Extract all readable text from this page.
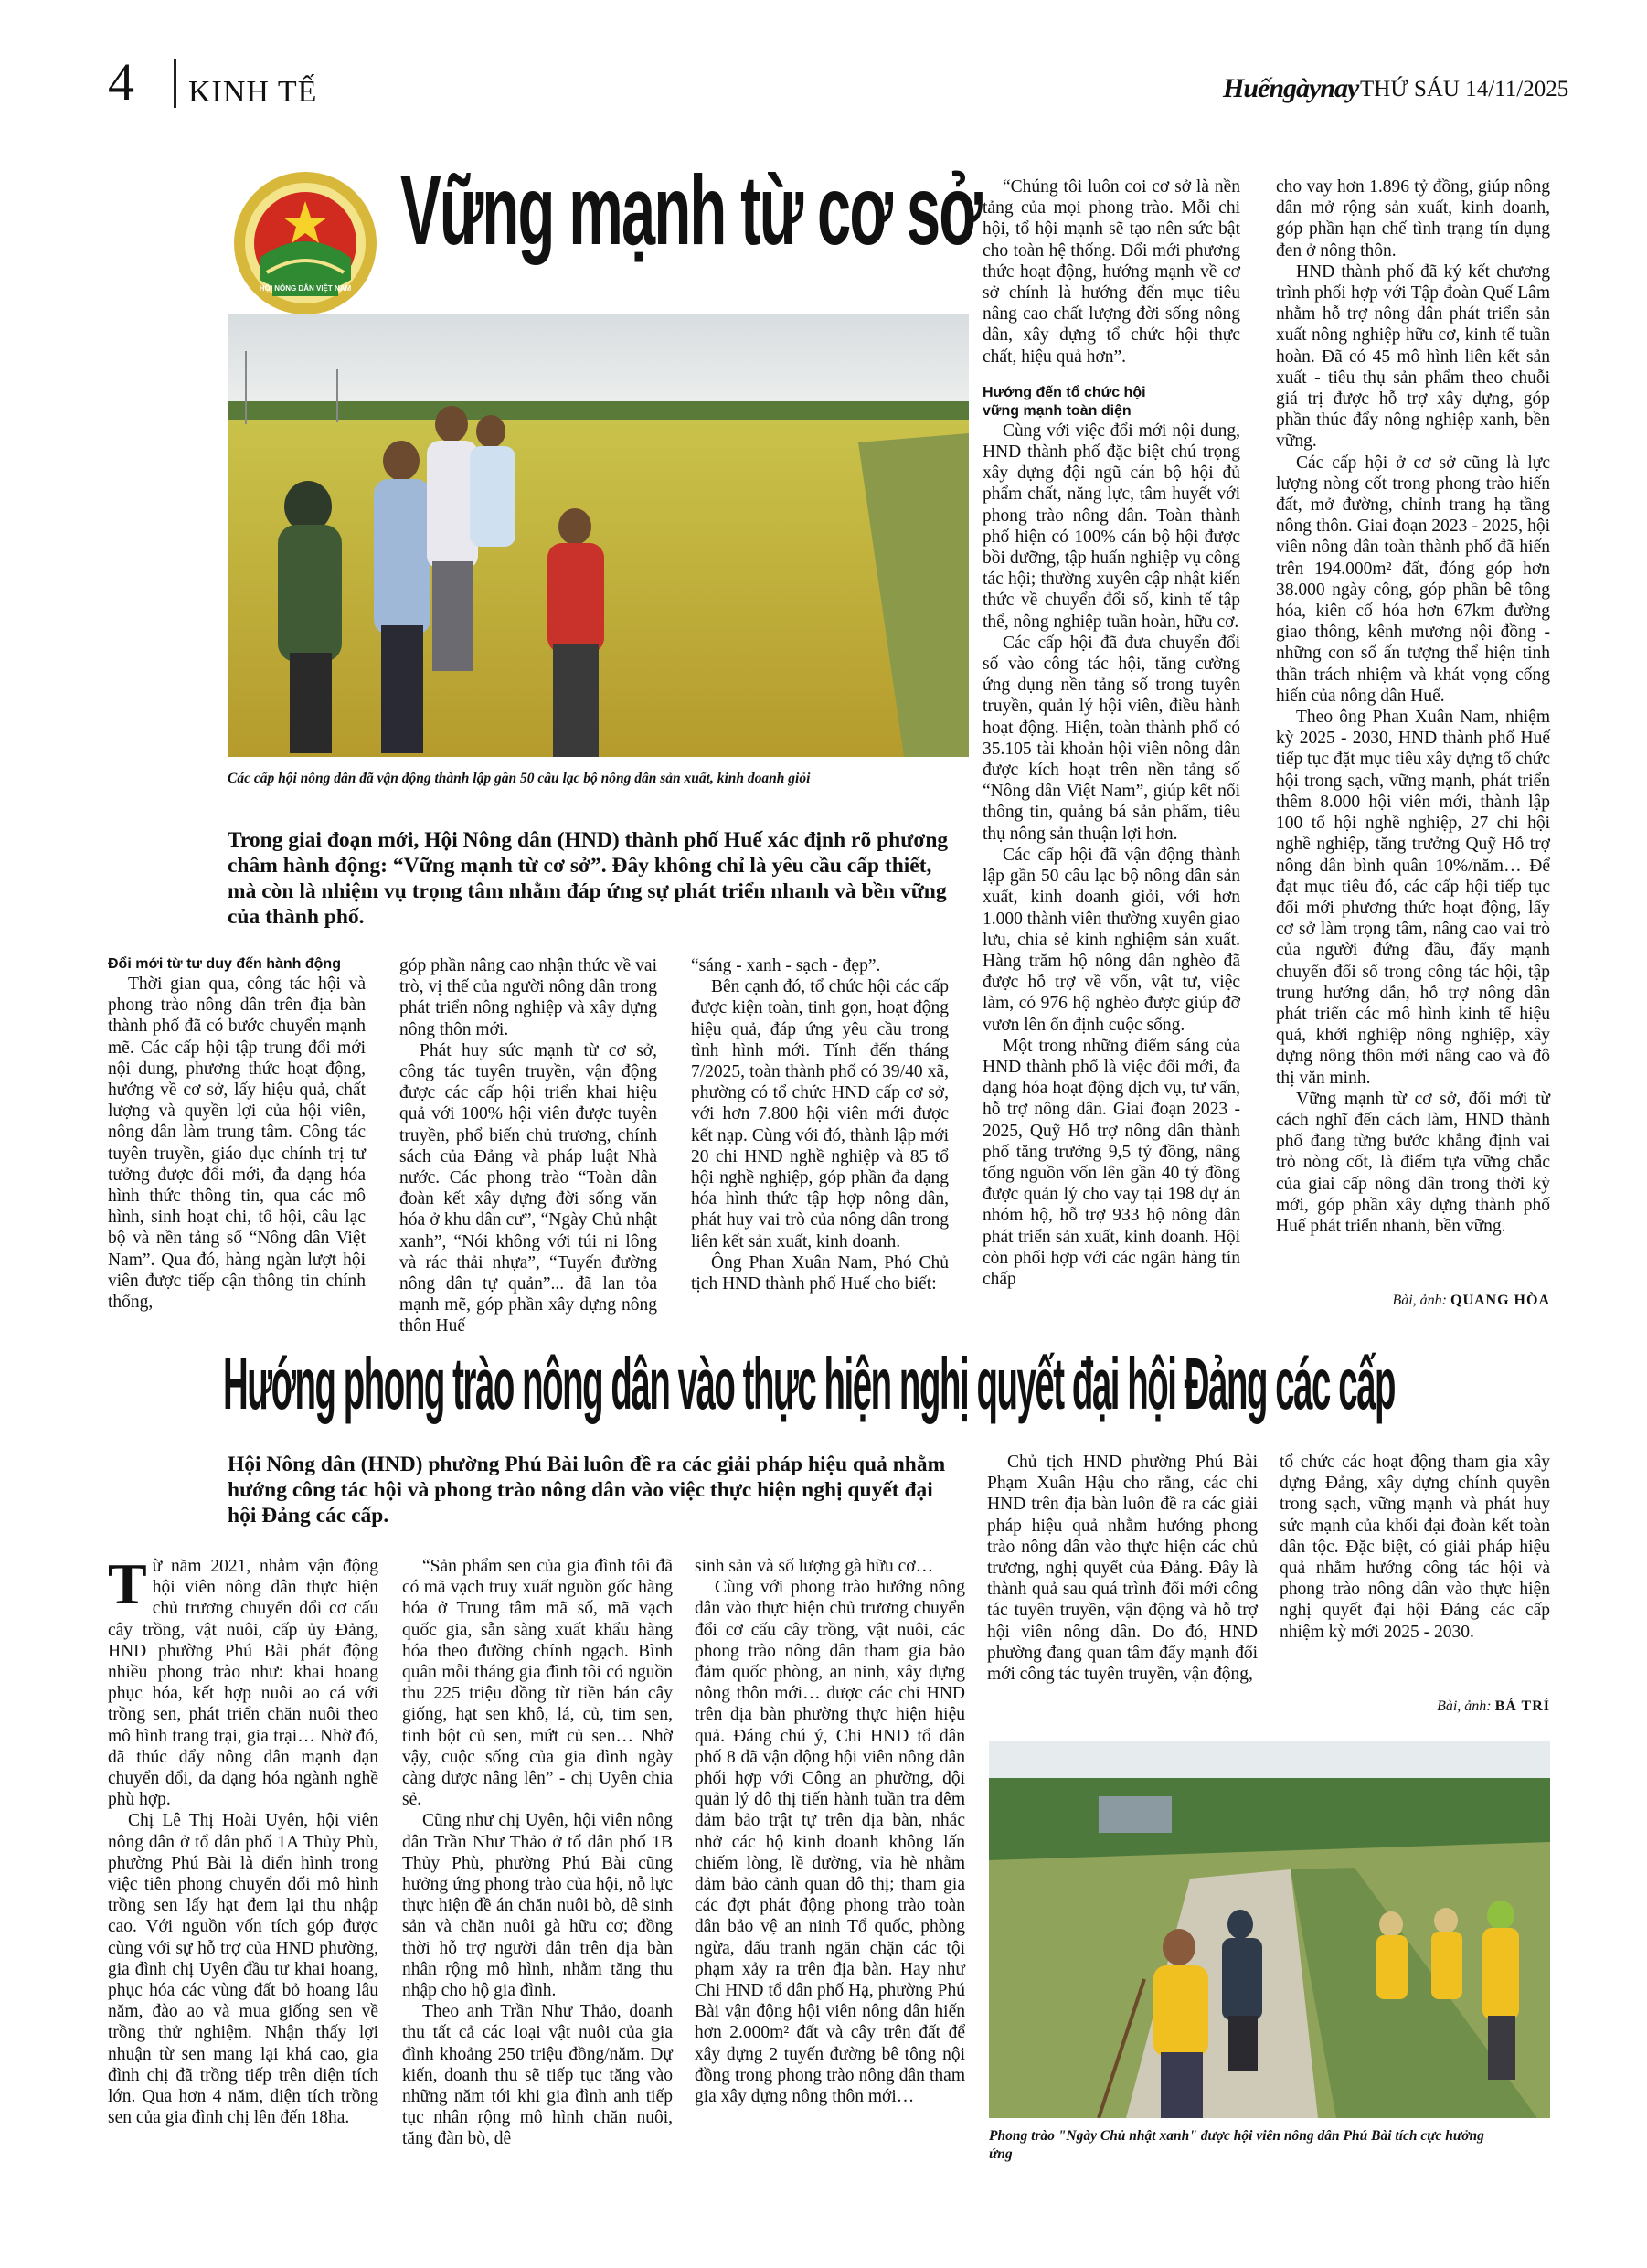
4 KINH TẾ	Huếngàynay THỨ SÁU 14/11/2025
HỘI NÔNG DÂN VIỆT NAM
Vững mạnh từ cơ sở
Các cấp hội nông dân đã vận động thành lập gần 50 câu lạc bộ nông dân sản xuất, kinh doanh giỏi
Trong giai đoạn mới, Hội Nông dân (HND) thành phố Huế xác định rõ phương châm hành động: “Vững mạnh từ cơ sở”. Đây không chỉ là yêu cầu cấp thiết, mà còn là nhiệm vụ trọng tâm nhằm đáp ứng sự phát triển nhanh và bền vững của thành phố.

Đổi mới từ tư duy đến hành động

Thời gian qua, công tác hội và phong trào nông dân trên địa bàn thành phố đã có bước chuyển mạnh mẽ. Các cấp hội tập trung đổi mới nội dung, phương thức hoạt động, hướng về cơ sở, lấy hiệu quả, chất lượng và quyền lợi của hội viên, nông dân làm trung tâm. Công tác tuyên truyền, giáo dục chính trị tư tưởng được đổi mới, đa dạng hóa hình thức thông tin, qua các mô hình, sinh hoạt chi, tổ hội, câu lạc bộ và nền tảng số “Nông dân Việt Nam”. Qua đó, hàng ngàn lượt hội viên được tiếp cận thông tin chính thống,

góp phần nâng cao nhận thức về vai trò, vị thế của người nông dân trong phát triển nông nghiệp và xây dựng nông thôn mới.

Phát huy sức mạnh từ cơ sở, công tác tuyên truyền, vận động được các cấp hội triển khai hiệu quả với 100% hội viên được tuyên truyền, phổ biến chủ trương, chính sách của Đảng và pháp luật Nhà nước. Các phong trào “Toàn dân đoàn kết xây dựng đời sống văn hóa ở khu dân cư”, “Ngày Chủ nhật xanh”, “Nói không với túi ni lông và rác thải nhựa”, “Tuyến đường nông dân tự quản”... đã lan tỏa mạnh mẽ, góp phần xây dựng nông thôn Huế

“sáng - xanh - sạch - đẹp”.

Bên cạnh đó, tổ chức hội các cấp được kiện toàn, tinh gọn, hoạt động hiệu quả, đáp ứng yêu cầu trong tình hình mới. Tính đến tháng 7/2025, toàn thành phố có 39/40 xã, phường có tổ chức HND cấp cơ sở, với hơn 7.800 hội viên mới được kết nạp. Cùng với đó, thành lập mới 20 chi HND nghề nghiệp và 85 tổ hội nghề nghiệp, góp phần đa dạng hóa hình thức tập hợp nông dân, phát huy vai trò của nông dân trong liên kết sản xuất, kinh doanh.

Ông Phan Xuân Nam, Phó Chủ tịch HND thành phố Huế cho biết:

“Chúng tôi luôn coi cơ sở là nền tảng của mọi phong trào. Mỗi chi hội, tổ hội mạnh sẽ tạo nên sức bật cho toàn hệ thống. Đổi mới phương thức hoạt động, hướng mạnh về cơ sở chính là hướng đến mục tiêu nâng cao chất lượng đời sống nông dân, xây dựng tổ chức hội thực chất, hiệu quả hơn”.

Hướng đến tổ chức hội

vững mạnh toàn diện

Cùng với việc đổi mới nội dung, HND thành phố đặc biệt chú trọng xây dựng đội ngũ cán bộ hội đủ phẩm chất, năng lực, tâm huyết với phong trào nông dân. Toàn thành phố hiện có 100% cán bộ hội được bồi dưỡng, tập huấn nghiệp vụ công tác hội; thường xuyên cập nhật kiến thức về chuyển đổi số, kinh tế tập thể, nông nghiệp tuần hoàn, hữu cơ.

Các cấp hội đã đưa chuyển đổi số vào công tác hội, tăng cường ứng dụng nền tảng số trong tuyên truyền, quản lý hội viên, điều hành hoạt động. Hiện, toàn thành phố có 35.105 tài khoản hội viên nông dân được kích hoạt trên nền tảng số “Nông dân Việt Nam”, giúp kết nối thông tin, quảng bá sản phẩm, tiêu thụ nông sản thuận lợi hơn.

Các cấp hội đã vận động thành lập gần 50 câu lạc bộ nông dân sản xuất, kinh doanh giỏi, với hơn 1.000 thành viên thường xuyên giao lưu, chia sẻ kinh nghiệm sản xuất. Hàng trăm hộ nông dân nghèo đã được hỗ trợ về vốn, vật tư, việc làm, có 976 hộ nghèo được giúp đỡ vươn lên ổn định cuộc sống.

Một trong những điểm sáng của HND thành phố là việc đổi mới, đa dạng hóa hoạt động dịch vụ, tư vấn, hỗ trợ nông dân. Giai đoạn 2023 - 2025, Quỹ Hỗ trợ nông dân thành phố tăng trưởng 9,5 tỷ đồng, nâng tổng nguồn vốn lên gần 40 tỷ đồng được quản lý cho vay tại 198 dự án nhóm hộ, hỗ trợ 933 hộ nông dân phát triển sản xuất, kinh doanh. Hội còn phối hợp với các ngân hàng tín chấp

cho vay hơn 1.896 tỷ đồng, giúp nông dân mở rộng sản xuất, kinh doanh, góp phần hạn chế tình trạng tín dụng đen ở nông thôn.

HND thành phố đã ký kết chương trình phối hợp với Tập đoàn Quế Lâm nhằm hỗ trợ nông dân phát triển sản xuất nông nghiệp hữu cơ, kinh tế tuần hoàn. Đã có 45 mô hình liên kết sản xuất - tiêu thụ sản phẩm theo chuỗi giá trị được hỗ trợ xây dựng, góp phần thúc đẩy nông nghiệp xanh, bền vững.

Các cấp hội ở cơ sở cũng là lực lượng nòng cốt trong phong trào hiến đất, mở đường, chỉnh trang hạ tầng nông thôn. Giai đoạn 2023 - 2025, hội viên nông dân toàn thành phố đã hiến trên 194.000m² đất, đóng góp hơn 38.000 ngày công, góp phần bê tông hóa, kiên cố hóa hơn 67km đường giao thông, kênh mương nội đồng - những con số ấn tượng thể hiện tinh thần trách nhiệm và khát vọng cống hiến của nông dân Huế.

Theo ông Phan Xuân Nam, nhiệm kỳ 2025 - 2030, HND thành phố Huế tiếp tục đặt mục tiêu xây dựng tổ chức hội trong sạch, vững mạnh, phát triển thêm 8.000 hội viên mới, thành lập 100 tổ hội nghề nghiệp, 27 chi hội nghề nghiệp, tăng trưởng Quỹ Hỗ trợ nông dân bình quân 10%/năm… Để đạt mục tiêu đó, các cấp hội tiếp tục đổi mới phương thức hoạt động, lấy cơ sở làm trọng tâm, nâng cao vai trò của người đứng đầu, đẩy mạnh chuyển đổi số trong công tác hội, tập trung hướng dẫn, hỗ trợ nông dân phát triển các mô hình kinh tế hiệu quả, khởi nghiệp nông nghiệp, xây dựng nông thôn mới nâng cao và đô thị văn minh.

Vững mạnh từ cơ sở, đổi mới từ cách nghĩ đến cách làm, HND thành phố đang từng bước khẳng định vai trò nòng cốt, là điểm tựa vững chắc của giai cấp nông dân trong thời kỳ mới, góp phần xây dựng thành phố Huế phát triển nhanh, bền vững.

Bài, ảnh: QUANG HÒA
Hướng phong trào nông dân vào thực hiện nghị quyết đại hội Đảng các cấp
Hội Nông dân (HND) phường Phú Bài luôn đề ra các giải pháp hiệu quả nhằm hướng công tác hội và phong trào nông dân vào việc thực hiện nghị quyết đại hội Đảng các cấp.

Từ năm 2021, nhằm vận động hội viên nông dân thực hiện chủ trương chuyển đổi cơ cấu cây trồng, vật nuôi, cấp ủy Đảng, HND phường Phú Bài phát động nhiều phong trào như: khai hoang phục hóa, kết hợp nuôi ao cá với trồng sen, phát triển chăn nuôi theo mô hình trang trại, gia trại… Nhờ đó, đã thúc đẩy nông dân mạnh dạn chuyển đổi, đa dạng hóa ngành nghề phù hợp.

Chị Lê Thị Hoài Uyên, hội viên nông dân ở tổ dân phố 1A Thủy Phù, phường Phú Bài là điển hình trong việc tiên phong chuyển đổi mô hình trồng sen lấy hạt đem lại thu nhập cao. Với nguồn vốn tích góp được cùng với sự hỗ trợ của HND phường, gia đình chị Uyên đầu tư khai hoang, phục hóa các vùng đất bỏ hoang lâu năm, đào ao và mua giống sen về trồng thử nghiệm. Nhận thấy lợi nhuận từ sen mang lại khá cao, gia đình chị đã trồng tiếp trên diện tích lớn. Qua hơn 4 năm, diện tích trồng sen của gia đình chị lên đến 18ha.

“Sản phẩm sen của gia đình tôi đã có mã vạch truy xuất nguồn gốc hàng hóa ở Trung tâm mã số, mã vạch quốc gia, sẵn sàng xuất khẩu hàng hóa theo đường chính ngạch. Bình quân mỗi tháng gia đình tôi có nguồn thu 225 triệu đồng từ tiền bán cây giống, hạt sen khô, lá, củ, tim sen, tinh bột củ sen, mứt củ sen… Nhờ vậy, cuộc sống của gia đình ngày càng được nâng lên” - chị Uyên chia sẻ.

Cũng như chị Uyên, hội viên nông dân Trần Như Thảo ở tổ dân phố 1B Thủy Phù, phường Phú Bài cũng hưởng ứng phong trào của hội, nỗ lực thực hiện đề án chăn nuôi bò, dê sinh sản và chăn nuôi gà hữu cơ; đồng thời hỗ trợ người dân trên địa bàn nhân rộng mô hình, nhằm tăng thu nhập cho hộ gia đình.

Theo anh Trần Như Thảo, doanh thu tất cả các loại vật nuôi của gia đình khoảng 250 triệu đồng/năm. Dự kiến, doanh thu sẽ tiếp tục tăng vào những năm tới khi gia đình anh tiếp tục nhân rộng mô hình chăn nuôi, tăng đàn bò, dê

sinh sản và số lượng gà hữu cơ…

Cùng với phong trào hướng nông dân vào thực hiện chủ trương chuyển đổi cơ cấu cây trồng, vật nuôi, các phong trào nông dân tham gia bảo đảm quốc phòng, an ninh, xây dựng nông thôn mới… được các chi HND trên địa bàn phường thực hiện hiệu quả. Đáng chú ý, Chi HND tổ dân phố 8 đã vận động hội viên nông dân phối hợp với Công an phường, đội quản lý đô thị tiến hành tuần tra đêm đảm bảo trật tự trên địa bàn, nhắc nhở các hộ kinh doanh không lấn chiếm lòng, lề đường, vỉa hè nhằm đảm bảo cảnh quan đô thị; tham gia các đợt phát động phong trào toàn dân bảo vệ an ninh Tổ quốc, phòng ngừa, đấu tranh ngăn chặn các tội phạm xảy ra trên địa bàn. Hay như Chi HND tổ dân phố Hạ, phường Phú Bài vận động hội viên nông dân hiến hơn 2.000m² đất và cây trên đất để xây dựng 2 tuyến đường bê tông nội đồng trong phong trào nông dân tham gia xây dựng nông thôn mới…

Chủ tịch HND phường Phú Bài Phạm Xuân Hậu cho rằng, các chi HND trên địa bàn luôn đề ra các giải pháp hiệu quả nhằm hướng phong trào nông dân vào thực hiện các chủ trương, nghị quyết của Đảng. Đây là thành quả sau quá trình đổi mới công tác tuyên truyền, vận động và hỗ trợ hội viên nông dân. Do đó, HND phường đang quan tâm đẩy mạnh đổi mới công tác tuyên truyền, vận động,

tổ chức các hoạt động tham gia xây dựng Đảng, xây dựng chính quyền trong sạch, vững mạnh và phát huy sức mạnh của khối đại đoàn kết toàn dân tộc. Đặc biệt, có giải pháp hiệu quả nhằm hướng công tác hội và phong trào nông dân vào thực hiện nghị quyết đại hội Đảng các cấp nhiệm kỳ mới 2025 - 2030.

Bài, ảnh: BÁ TRÍ
Phong trào "Ngày Chủ nhật xanh" được hội viên nông dân Phú Bài tích cực hưởng ứng
